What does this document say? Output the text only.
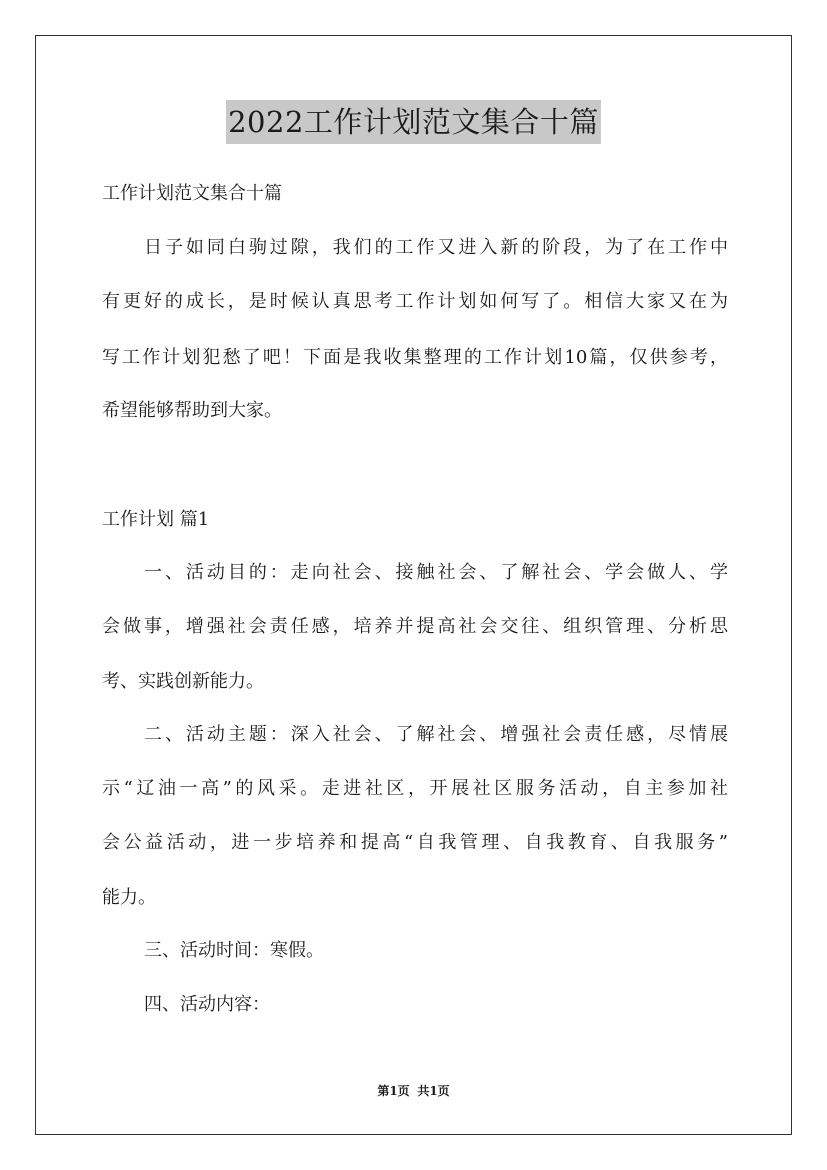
2022工作计划范文集合十篇

工作计划范文集合十篇

日子如同白驹过隙，我们的工作又进入新的阶段，为了在工作中

有更好的成长，是时候认真思考工作计划如何写了。相信大家又在为

写工作计划犯愁了吧！下面是我收集整理的工作计划10篇，仅供参考，

希望能够帮助到大家。

工作计划 篇1

一、活动目的：走向社会、接触社会、了解社会、学会做人、学

会做事，增强社会责任感，培养并提高社会交往、组织管理、分析思

考、实践创新能力。

二、活动主题：深入社会、了解社会、增强社会责任感，尽情展

示“辽油一高”的风采。走进社区，开展社区服务活动，自主参加社

会公益活动，进一步培养和提高“自我管理、自我教育、自我服务”

能力。

三、活动时间：寒假。

四、活动内容：

第1页 共1页
